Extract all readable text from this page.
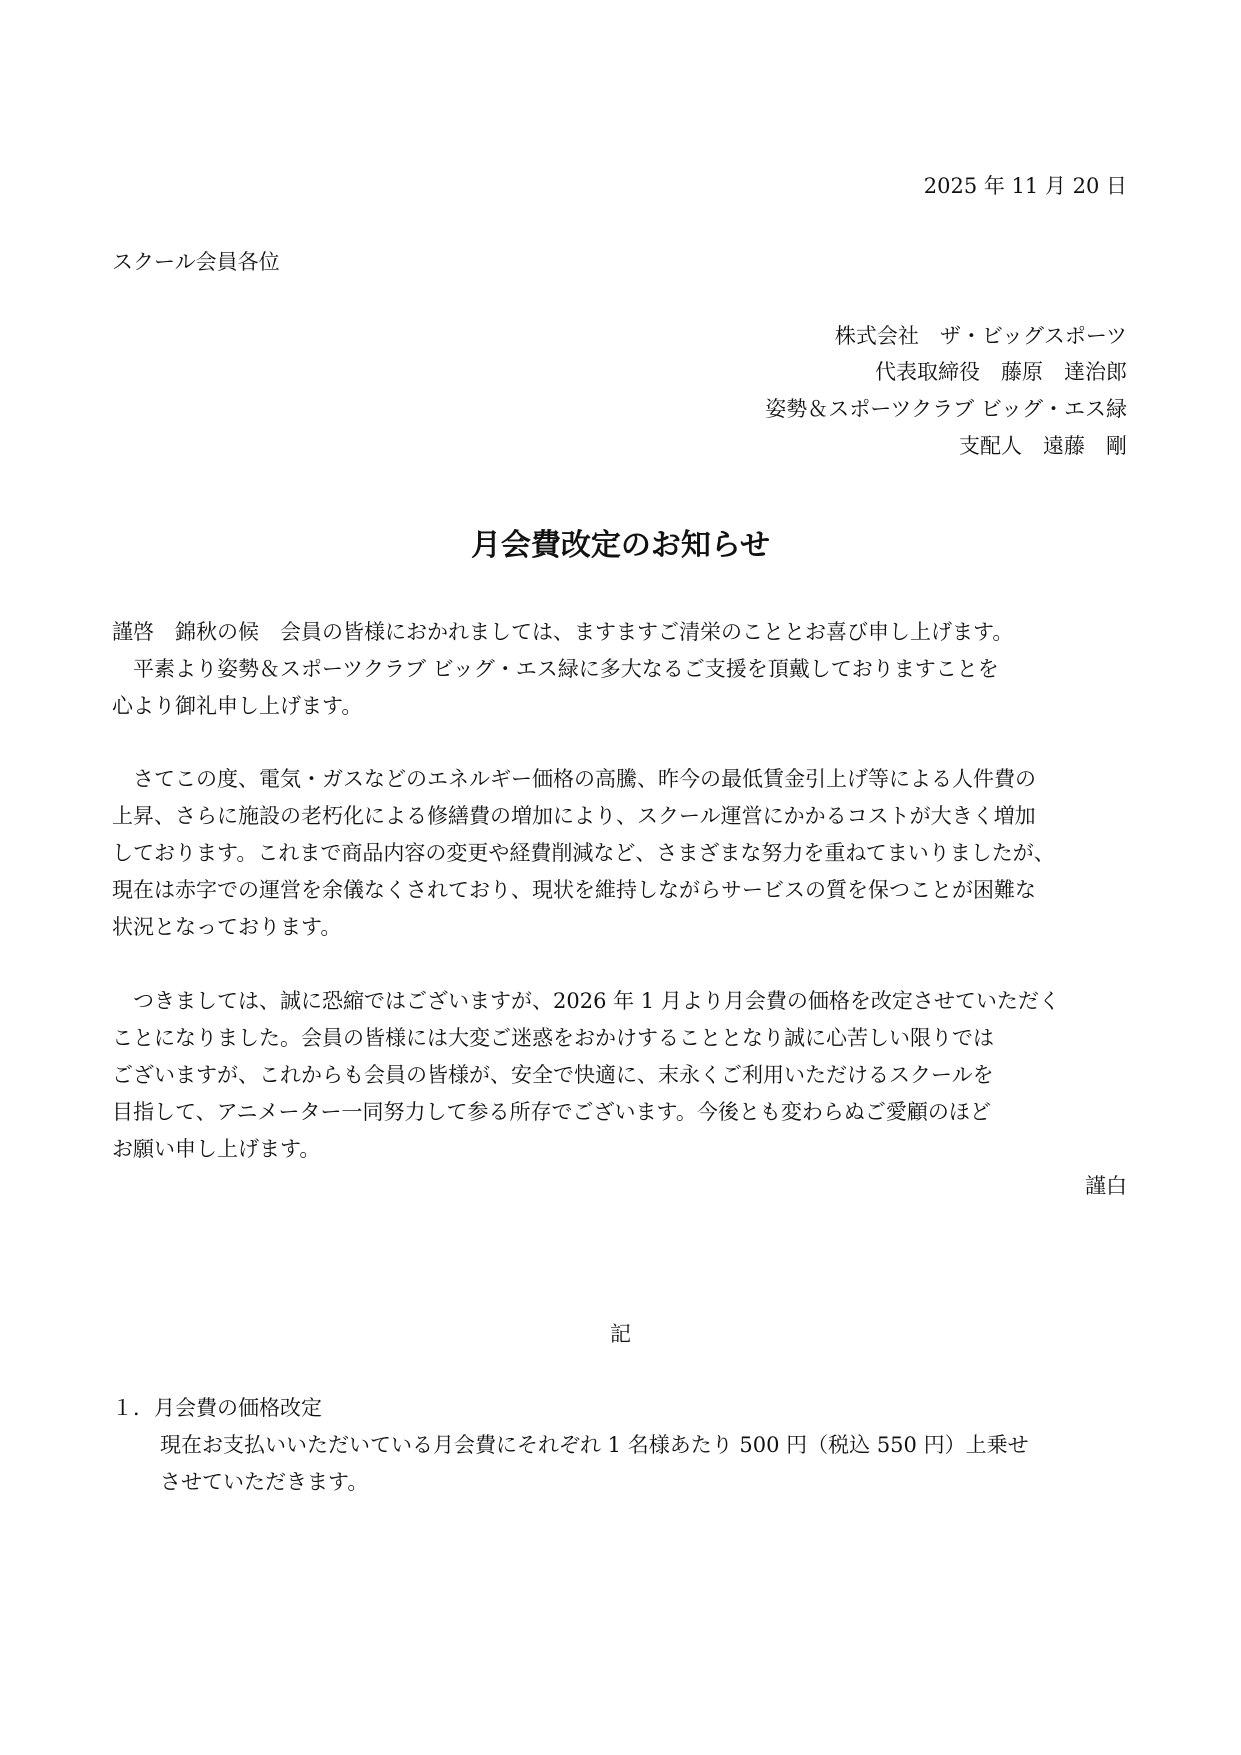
2025 年 11 月 20 日
スクール会員各位
株式会社　ザ・ビッグスポーツ
代表取締役　藤原　達治郎
姿勢＆スポーツクラブ ビッグ・エス緑
支配人　遠藤　剛
月会費改定のお知らせ
謹啓　錦秋の候　会員の皆様におかれましては、ますますご清栄のこととお喜び申し上げます。
　平素より姿勢＆スポーツクラブ ビッグ・エス緑に多大なるご支援を頂戴しておりますことを
心より御礼申し上げます。
　さてこの度、電気・ガスなどのエネルギー価格の高騰、昨今の最低賃金引上げ等による人件費の
上昇、さらに施設の老朽化による修繕費の増加により、スクール運営にかかるコストが大きく増加
しております。これまで商品内容の変更や経費削減など、さまざまな努力を重ねてまいりましたが、
現在は赤字での運営を余儀なくされており、現状を維持しながらサービスの質を保つことが困難な
状況となっております。
　つきましては、誠に恐縮ではございますが、2026 年 1 月より月会費の価格を改定させていただく
ことになりました。会員の皆様には大変ご迷惑をおかけすることとなり誠に心苦しい限りでは
ございますが、これからも会員の皆様が、安全で快適に、末永くご利用いただけるスクールを
目指して、アニメーター一同努力して参る所存でございます。今後とも変わらぬご愛顧のほど
お願い申し上げます。
謹白
記
１．月会費の価格改定
現在お支払いいただいている月会費にそれぞれ 1 名様あたり 500 円（税込 550 円）上乗せ
させていただきます。
